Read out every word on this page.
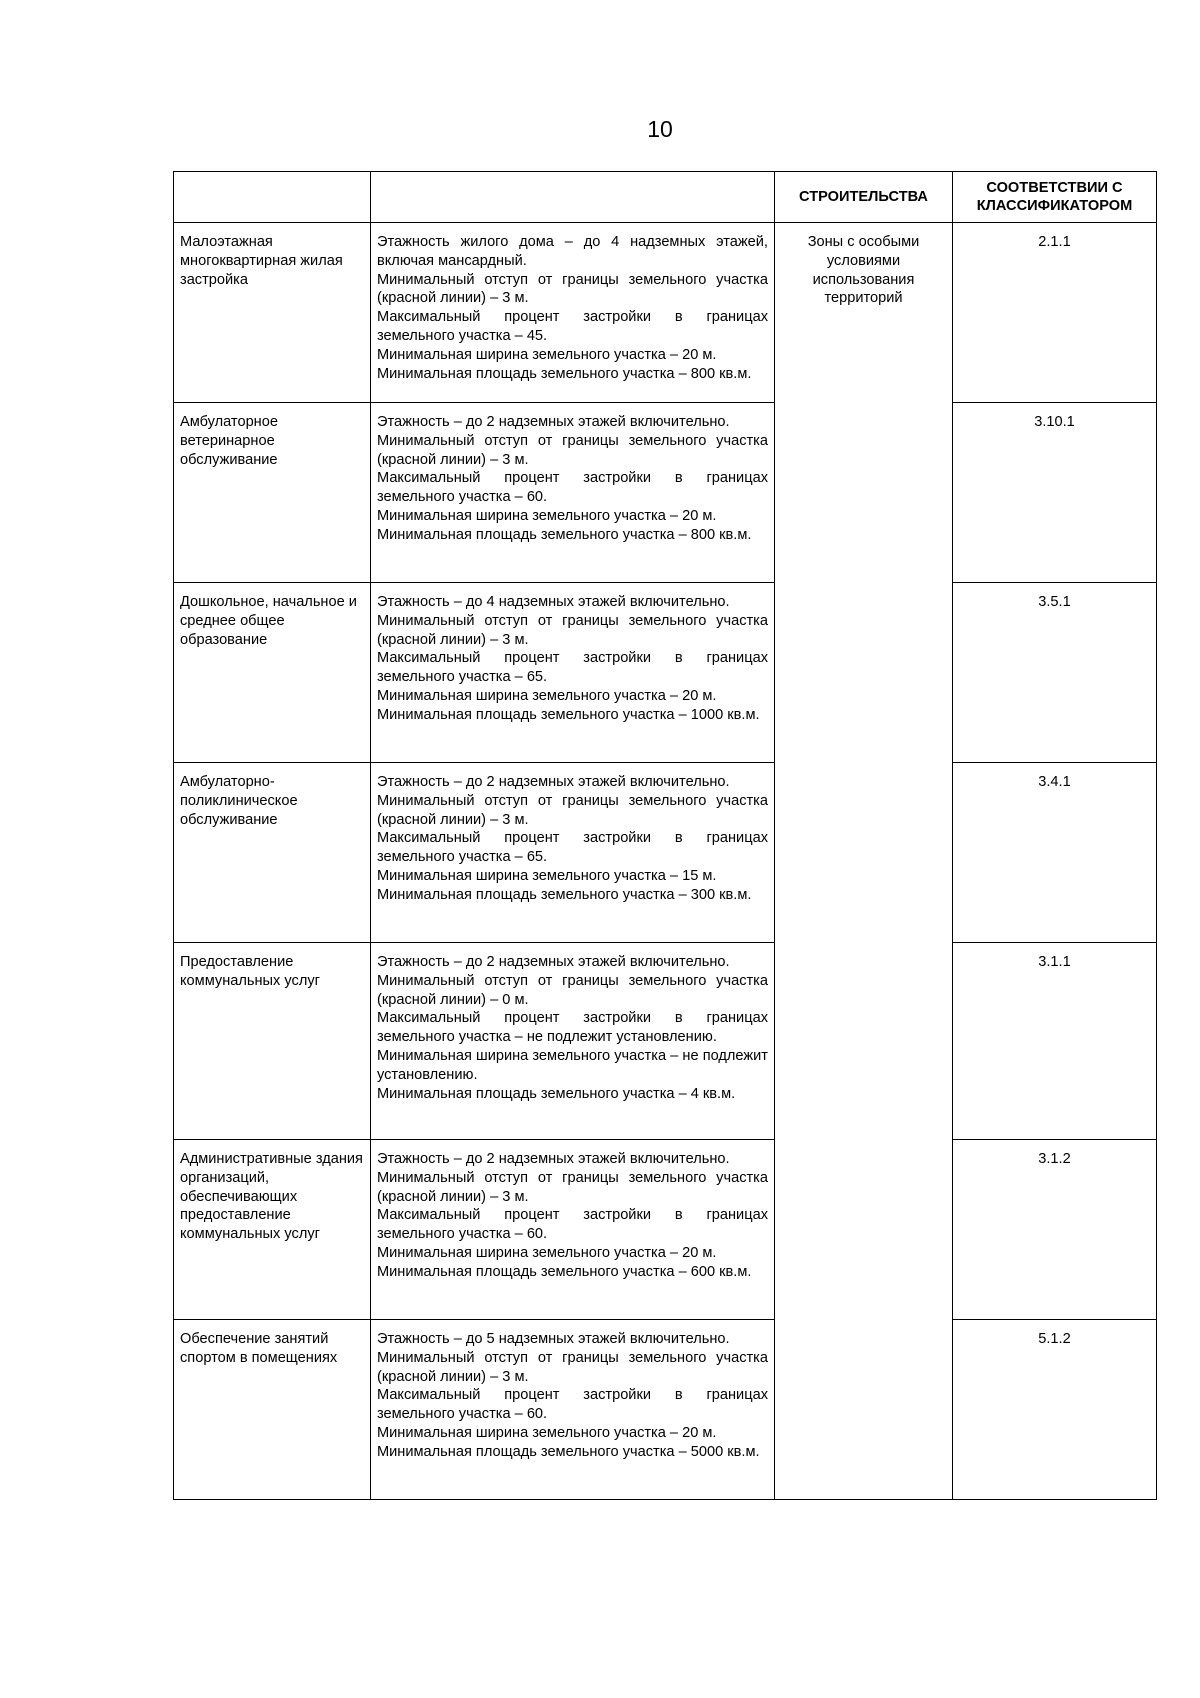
10
		СТРОИТЕЛЬСТВА	СООТВЕТСТВИИ С КЛАССИФИКАТОРОМ
Малоэтажная многоквартирная жилая застройка	Этажность жилого дома – до 4 надземных этажей, включая мансардный.
Минимальный отступ от границы земельного участка (красной линии) – 3 м.
Максимальный процент застройки в границах земельного участка – 45.
Минимальная ширина земельного участка – 20 м.
Минимальная площадь земельного участка – 800 кв.м.	Зоны с особыми условиями использования территорий	2.1.1
Амбулаторное ветеринарное обслуживание	Этажность – до 2 надземных этажей включительно.
Минимальный отступ от границы земельного участка (красной линии) – 3 м.
Максимальный процент застройки в границах земельного участка – 60.
Минимальная ширина земельного участка – 20 м.
Минимальная площадь земельного участка – 800 кв.м.		3.10.1
Дошкольное, начальное и среднее общее образование	Этажность – до 4 надземных этажей включительно.
Минимальный отступ от границы земельного участка (красной линии) – 3 м.
Максимальный процент застройки в границах земельного участка – 65.
Минимальная ширина земельного участка – 20 м.
Минимальная площадь земельного участка – 1000 кв.м.		3.5.1
Амбулаторно-поликлиническое обслуживание	Этажность – до 2 надземных этажей включительно.
Минимальный отступ от границы земельного участка (красной линии) – 3 м.
Максимальный процент застройки в границах земельного участка – 65.
Минимальная ширина земельного участка – 15 м.
Минимальная площадь земельного участка – 300 кв.м.		3.4.1
Предоставление коммунальных услуг	Этажность – до 2 надземных этажей включительно.
Минимальный отступ от границы земельного участка (красной линии) – 0 м.
Максимальный процент застройки в границах земельного участка – не подлежит установлению.
Минимальная ширина земельного участка – не подлежит установлению.
Минимальная площадь земельного участка – 4 кв.м.		3.1.1
Административные здания организаций, обеспечивающих предоставление коммунальных услуг	Этажность – до 2 надземных этажей включительно.
Минимальный отступ от границы земельного участка (красной линии) – 3 м.
Максимальный процент застройки в границах земельного участка – 60.
Минимальная ширина земельного участка – 20 м.
Минимальная площадь земельного участка – 600 кв.м.		3.1.2
Обеспечение занятий спортом в помещениях	Этажность – до 5 надземных этажей включительно.
Минимальный отступ от границы земельного участка (красной линии) – 3 м.
Максимальный процент застройки в границах земельного участка – 60.
Минимальная ширина земельного участка – 20 м.
Минимальная площадь земельного участка – 5000 кв.м.		5.1.2
